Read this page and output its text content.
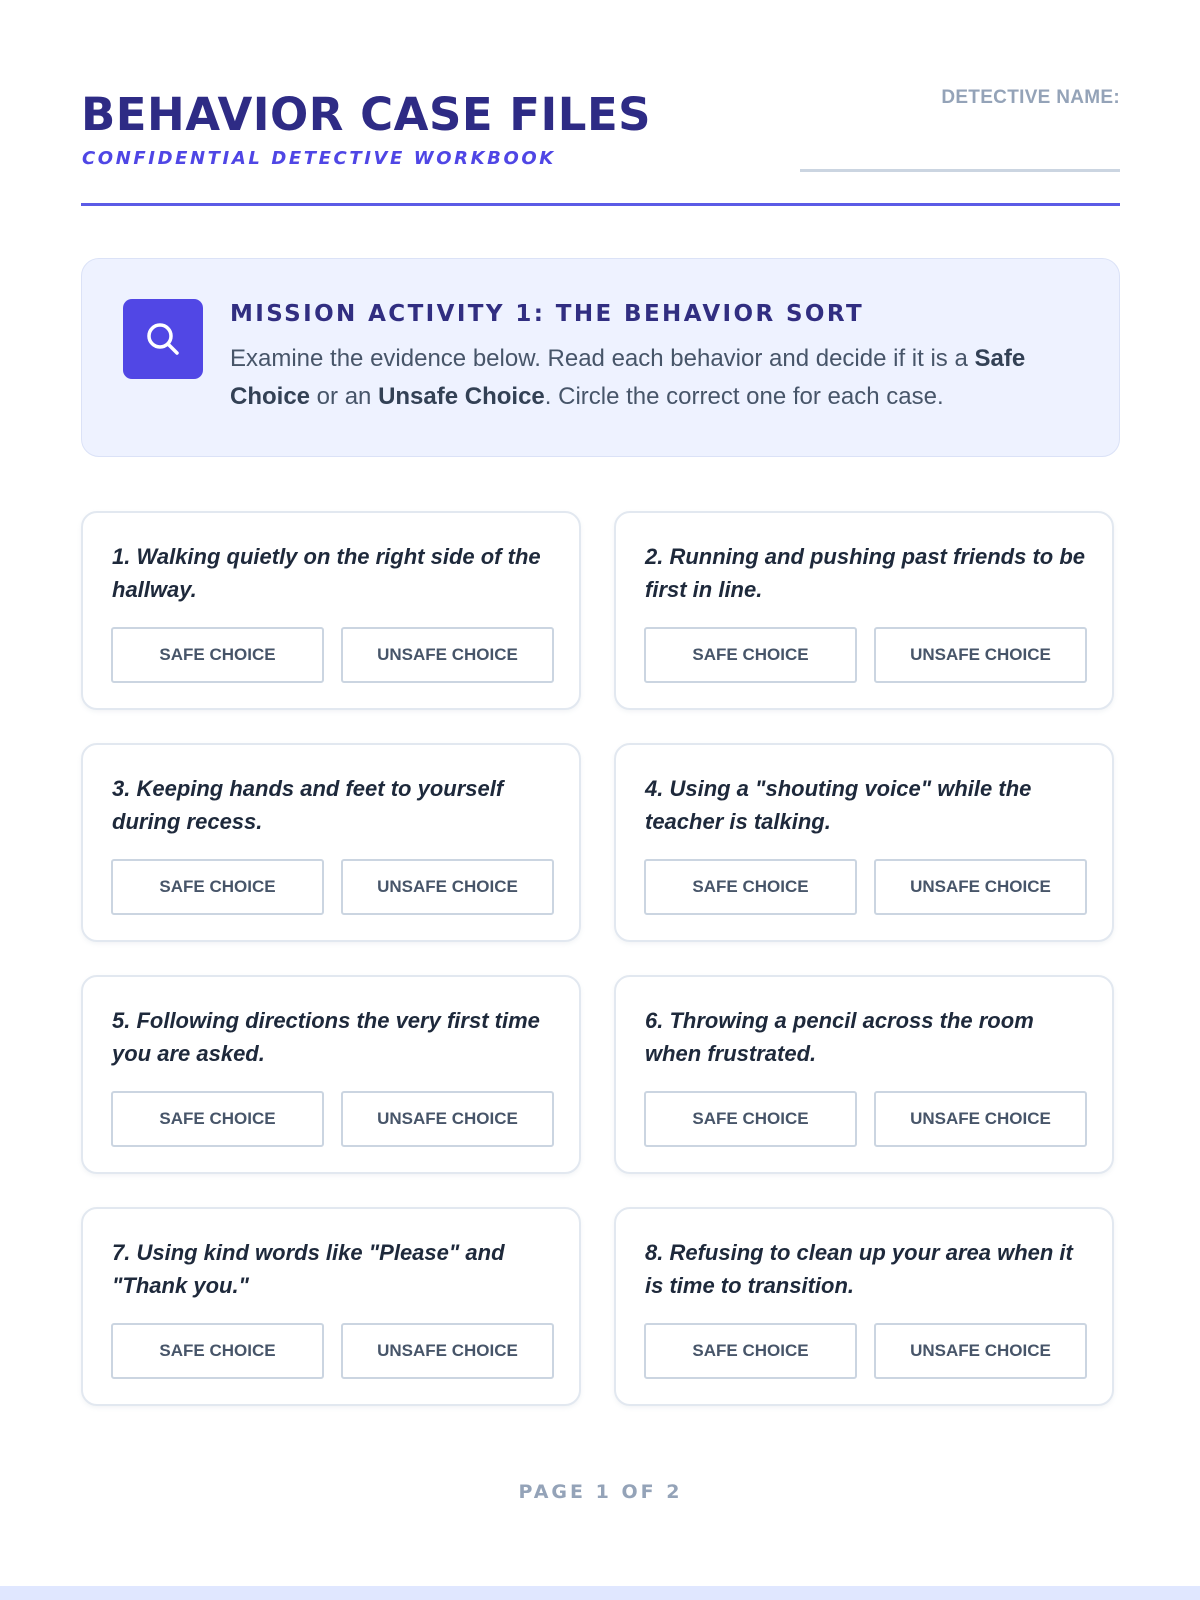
BEHAVIOR CASE FILES
CONFIDENTIAL DETECTIVE WORKBOOK
DETECTIVE NAME:
MISSION ACTIVITY 1: THE BEHAVIOR SORT
Examine the evidence below. Read each behavior and decide if it is a Safe Choice or an Unsafe Choice. Circle the correct one for each case.
1. Walking quietly on the right side of the hallway.
SAFE CHOICE	UNSAFE CHOICE
2. Running and pushing past friends to be first in line.
SAFE CHOICE	UNSAFE CHOICE
3. Keeping hands and feet to yourself during recess.
SAFE CHOICE	UNSAFE CHOICE
4. Using a "shouting voice" while the teacher is talking.
SAFE CHOICE	UNSAFE CHOICE
5. Following directions the very first time you are asked.
SAFE CHOICE	UNSAFE CHOICE
6. Throwing a pencil across the room when frustrated.
SAFE CHOICE	UNSAFE CHOICE
7. Using kind words like "Please" and "Thank you."
SAFE CHOICE	UNSAFE CHOICE
8. Refusing to clean up your area when it is time to transition.
SAFE CHOICE	UNSAFE CHOICE
PAGE 1 OF 2
